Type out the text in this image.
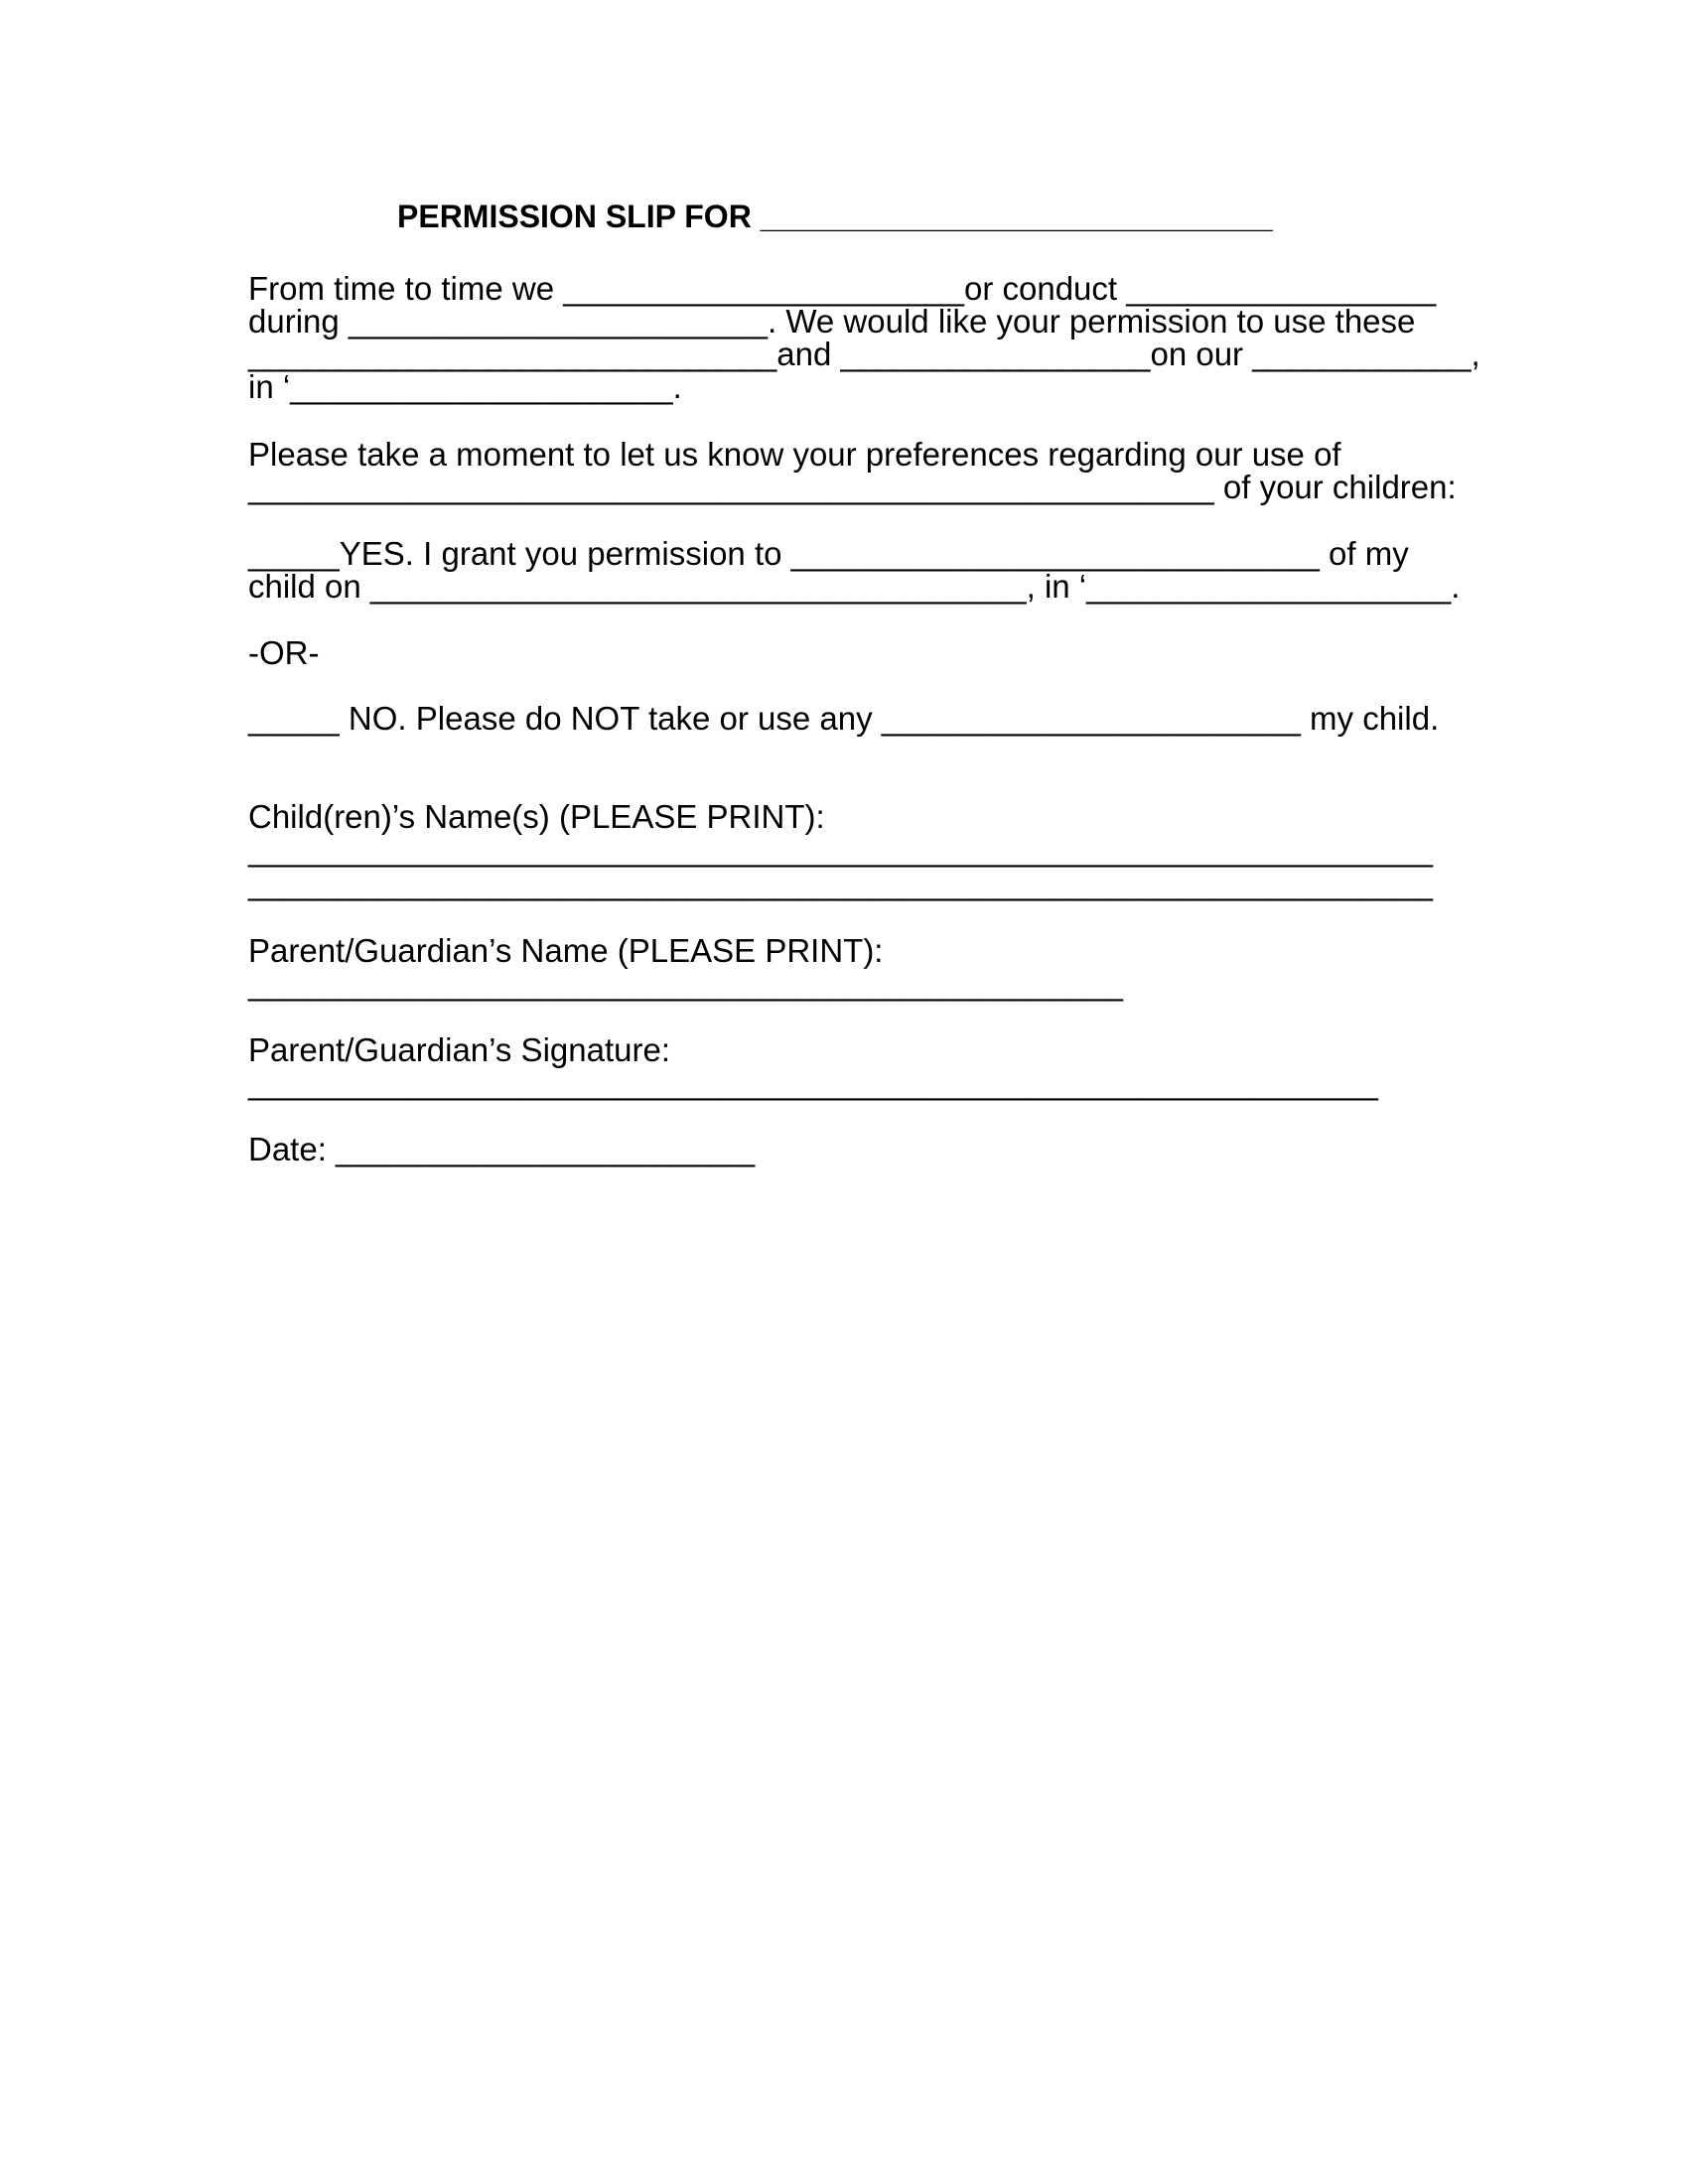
PERMISSION SLIP FOR _____________________________

From time to time we ______________________or conduct _________________

during _______________________. We would like your permission to use these

_____________________________and _________________on our ____________,

in ‘_____________________.

Please take a moment to let us know your preferences regarding our use of

_____________________________________________________ of your children:

_____YES. I grant you permission to _____________________________ of my

child on ____________________________________, in ‘____________________.

-OR-

_____ NO. Please do NOT take or use any _______________________ my child.

Child(ren)’s Name(s) (PLEASE PRINT):

_________________________________________________________________

_________________________________________________________________

Parent/Guardian’s Name (PLEASE PRINT):

________________________________________________

Parent/Guardian’s Signature:

______________________________________________________________

Date: _______________________
